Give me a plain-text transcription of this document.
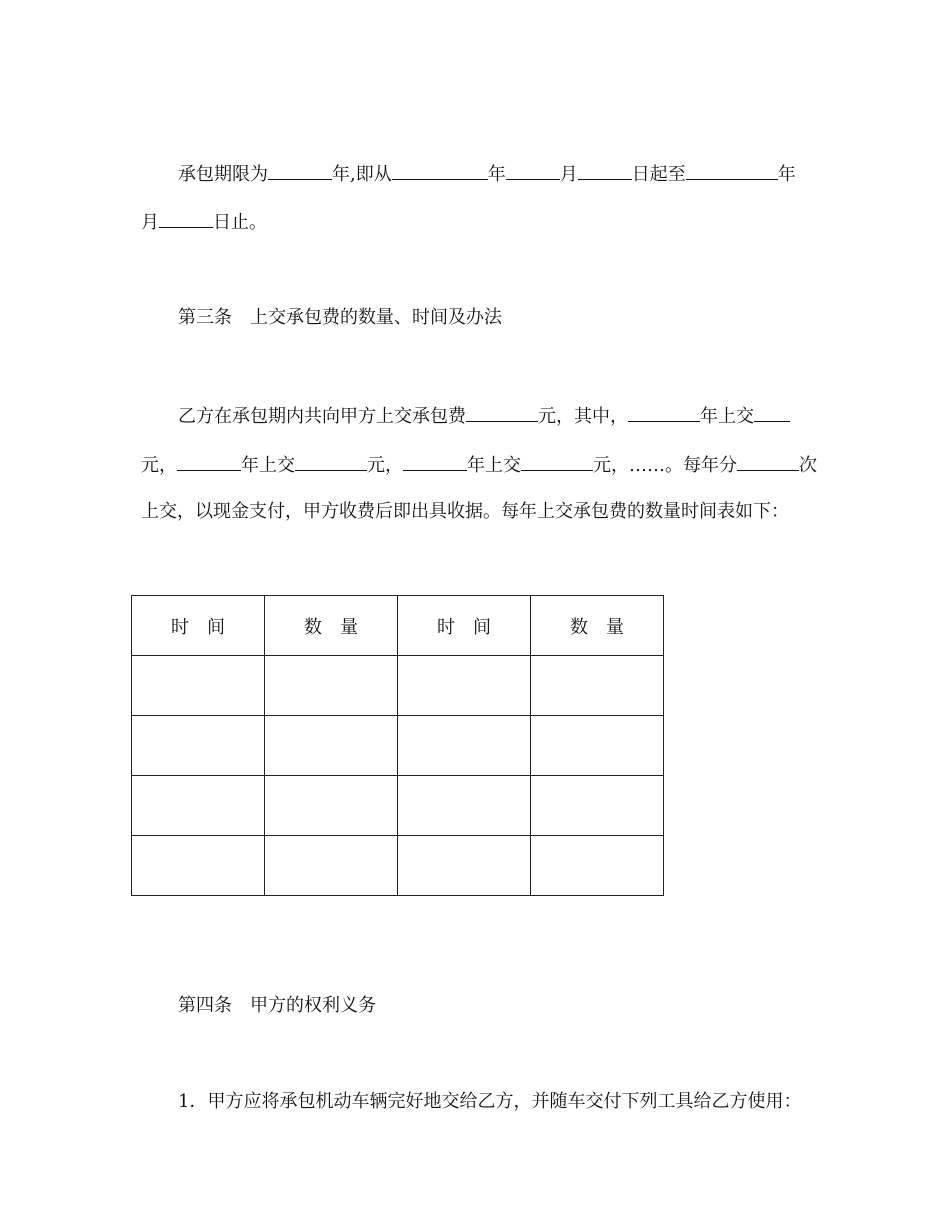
承包期限为	年,即从	年	月	日起至	年
月	日止。
第三条　上交承包费的数量、时间及办法
乙方在承包期内共向甲方上交承包费	元，其中，	年上交
元，	年上交	元，	年上交	元，……。每年分	次
上交，以现金支付，甲方收费后即出具收据。每年上交承包费的数量时间表如下：
时间	数量	时间	数量

第四条　甲方的权利义务
1．甲方应将承包机动车辆完好地交给乙方，并随车交付下列工具给乙方使用：
